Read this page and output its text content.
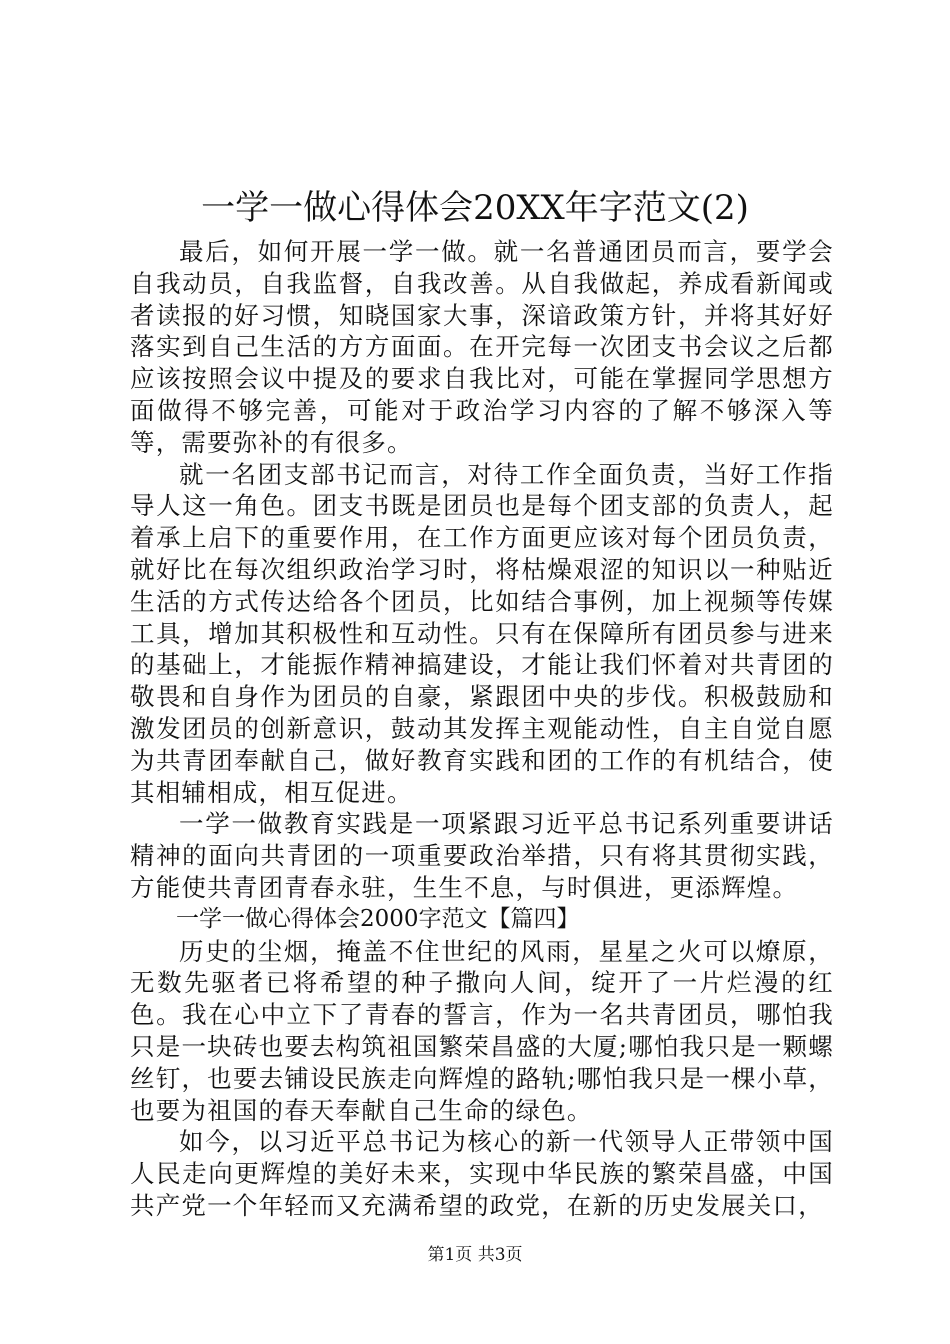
一学一做心得体会20XX年字范文(2)

最后，如何开展一学一做。就一名普通团员而言，要学会自我动员，自我监督，自我改善。从自我做起，养成看新闻或者读报的好习惯，知晓国家大事，深谙政策方针，并将其好好落实到自己生活的方方面面。在开完每一次团支书会议之后都应该按照会议中提及的要求自我比对，可能在掌握同学思想方面做得不够完善，可能对于政治学习内容的了解不够深入等等，需要弥补的有很多。

就一名团支部书记而言，对待工作全面负责，当好工作指导人这一角色。团支书既是团员也是每个团支部的负责人，起着承上启下的重要作用，在工作方面更应该对每个团员负责，就好比在每次组织政治学习时，将枯燥艰涩的知识以一种贴近生活的方式传达给各个团员，比如结合事例，加上视频等传媒工具，增加其积极性和互动性。只有在保障所有团员参与进来的基础上，才能振作精神搞建设，才能让我们怀着对共青团的敬畏和自身作为团员的自豪，紧跟团中央的步伐。积极鼓励和激发团员的创新意识，鼓动其发挥主观能动性，自主自觉自愿为共青团奉献自己，做好教育实践和团的工作的有机结合，使其相辅相成，相互促进。

一学一做教育实践是一项紧跟习近平总书记系列重要讲话精神的面向共青团的一项重要政治举措，只有将其贯彻实践，方能使共青团青春永驻，生生不息，与时俱进，更添辉煌。

一学一做心得体会2000字范文【篇四】

历史的尘烟，掩盖不住世纪的风雨，星星之火可以燎原，无数先驱者已将希望的种子撒向人间，绽开了一片烂漫的红色。我在心中立下了青春的誓言，作为一名共青团员，哪怕我只是一块砖也要去构筑祖国繁荣昌盛的大厦;哪怕我只是一颗螺丝钉，也要去铺设民族走向辉煌的路轨;哪怕我只是一棵小草，也要为祖国的春天奉献自己生命的绿色。

如今，以习近平总书记为核心的新一代领导人正带领中国人民走向更辉煌的美好未来，实现中华民族的繁荣昌盛，中国共产党一个年轻而又充满希望的政党，在新的历史发展关口，

第1页 共3页
